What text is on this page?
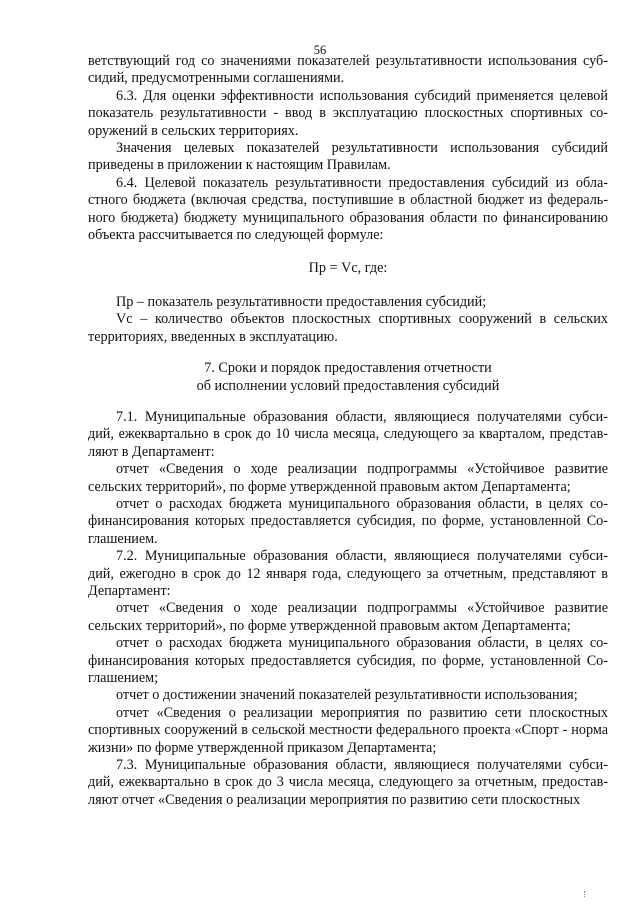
56

ветствующий год со значениями показателей результативности использования суб-сидий, предусмотренными соглашениями.

6.3. Для оценки эффективности использования субсидий применяется целевой показатель результативности - ввод в эксплуатацию плоскостных спортивных со-оружений в сельских территориях.

Значения целевых показателей результативности использования субсидий приведены в приложении к настоящим Правилам.

6.4. Целевой показатель результативности предоставления субсидий из обла-стного бюджета (включая средства, поступившие в областной бюджет из федераль-ного бюджета) бюджету муниципального образования области по финансированию объекта рассчитывается по следующей формуле:

Пр = Vc, где:

Пр – показатель результативности предоставления субсидий;

Vc – количество объектов плоскостных спортивных сооружений в сельских территориях, введенных в эксплуатацию.

7. Сроки и порядок предоставления отчетности
об исполнении условий предоставления субсидий

7.1. Муниципальные образования области, являющиеся получателями субси-дий, ежеквартально в срок до 10 числа месяца, следующего за кварталом, представ-ляют в Департамент:

отчет «Сведения о ходе реализации подпрограммы «Устойчивое развитие сельских территорий», по форме утвержденной правовым актом Департамента;

отчет о расходах бюджета муниципального образования области, в целях со-финансирования которых предоставляется субсидия, по форме, установленной Со-глашением.

7.2. Муниципальные образования области, являющиеся получателями субси-дий, ежегодно в срок до 12 января года, следующего за отчетным, представляют в Департамент:

отчет «Сведения о ходе реализации подпрограммы «Устойчивое развитие сельских территорий», по форме утвержденной правовым актом Департамента;

отчет о расходах бюджета муниципального образования области, в целях со-финансирования которых предоставляется субсидия, по форме, установленной Со-глашением;

отчет о достижении значений показателей результативности использования;

отчет «Сведения о реализации мероприятия по развитию сети плоскостных спортивных сооружений в сельской местности федерального проекта «Спорт - норма жизни» по форме утвержденной приказом Департамента;

7.3. Муниципальные образования области, являющиеся получателями субси-дий, ежеквартально в срок до 3 числа месяца, следующего за отчетным, предостав-ляют отчет «Сведения о реализации мероприятия по развитию сети плоскостных
